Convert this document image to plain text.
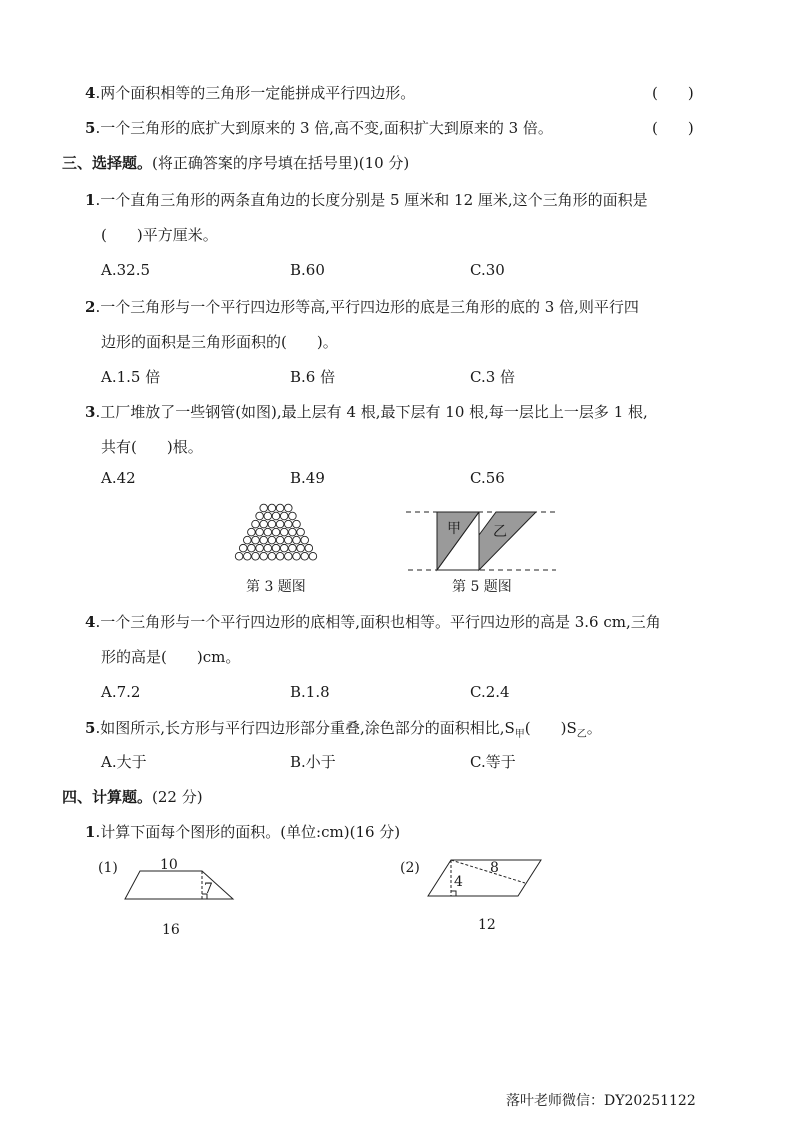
4.两个面积相等的三角形一定能拼成平行四边形。	(　　)
5.一个三角形的底扩大到原来的 3 倍,高不变,面积扩大到原来的 3 倍。	(　　)
三、选择题。(将正确答案的序号填在括号里)(10 分)
1.一个直角三角形的两条直角边的长度分别是 5 厘米和 12 厘米,这个三角形的面积是
(　　)平方厘米。
A.32.5	B.60	C.30
2.一个三角形与一个平行四边形等高,平行四边形的底是三角形的底的 3 倍,则平行四
边形的面积是三角形面积的(　　)。
A.1.5 倍	B.6 倍	C.3 倍
3.工厂堆放了一些钢管(如图),最上层有 4 根,最下层有 10 根,每一层比上一层多 1 根,
共有(　　)根。
A.42	B.49	C.56
第 3 题图
甲 乙
第 5 题图
4.一个三角形与一个平行四边形的底相等,面积也相等。平行四边形的高是 3.6 cm,三角
形的高是(　　)cm。
A.7.2	B.1.8	C.2.4
5.如图所示,长方形与平行四边形部分重叠,涂色部分的面积相比$,S_甲$(　　)$S_乙$。
A.大于	B.小于	C.等于
四、计算题。(22 分)
1.计算下面每个图形的面积。(单位:cm)(16 分)
(1)	10
7
16
(2)
4
8
12
落叶老师微信：DY20251122
